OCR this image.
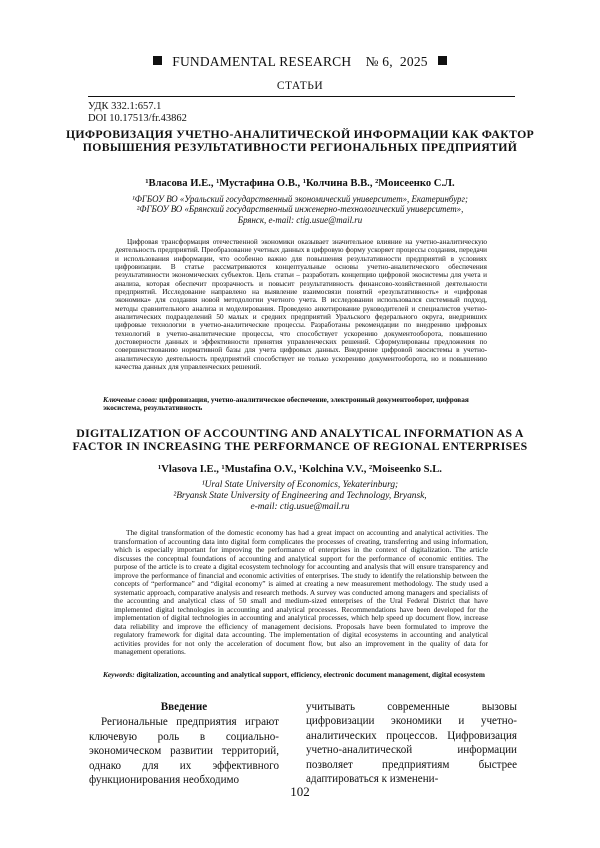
FUNDAMENTAL RESEARCH    № 6,  2025
СТАТЬИ
УДК 332.1:657.1
DOI 10.17513/fr.43862
ЦИФРОВИЗАЦИЯ УЧЕТНО-АНАЛИТИЧЕСКОЙ ИНФОРМАЦИИ КАК ФАКТОР ПОВЫШЕНИЯ РЕЗУЛЬТАТИВНОСТИ РЕГИОНАЛЬНЫХ ПРЕДПРИЯТИЙ
¹Власова И.Е., ¹Мустафина О.В., ¹Колчина В.В., ²Моисеенко С.Л.
¹ФГБОУ ВО «Уральский государственный экономический университет», Екатеринбург;
²ФГБОУ ВО «Брянский государственный инженерно-технологический университет»,
Брянск, e-mail: ctig.usue@mail.ru
Цифровая трансформация отечественной экономики оказывает значительное влияние на учетно-аналитическую деятельность предприятий. Преобразование учетных данных в цифровую форму ускоряет процессы создания, передачи и использования информации, что особенно важно для повышения результативности предприятий в условиях цифровизации. В статье рассматриваются концептуальные основы учетно-аналитического обеспечения результативности экономических субъектов. Цель статьи – разработать концепцию цифровой экосистемы для учета и анализа, которая обеспечит прозрачность и повысит результативность финансово-хозяйственной деятельности предприятий. Исследование направлено на выявление взаимосвязи понятий «результативность» и «цифровая экономика» для создания новой методологии учетного учета. В исследовании использовался системный подход, методы сравнительного анализа и моделирования. Проведено анкетирование руководителей и специалистов учетно-аналитических подразделений 50 малых и средних предприятий Уральского федерального округа, внедривших цифровые технологии в учетно-аналитические процессы. Разработаны рекомендации по внедрению цифровых технологий в учетно-аналитические процессы, что способствует ускорению документооборота, повышению достоверности данных и эффективности принятия управленческих решений. Сформулированы предложения по совершенствованию нормативной базы для учета цифровых данных. Внедрение цифровой экосистемы в учетно-аналитическую деятельность предприятий способствует не только ускорению документооборота, но и повышению качества данных для управленческих решений.
Ключевые слова: цифровизация, учетно-аналитическое обеспечение, электронный документооборот, цифровая экосистема, результативность
DIGITALIZATION OF ACCOUNTING AND ANALYTICAL INFORMATION AS A FACTOR IN INCREASING THE PERFORMANCE OF REGIONAL ENTERPRISES
¹Vlasova I.E., ¹Mustafina O.V., ¹Kolchina V.V., ²Moiseenko S.L.
¹Ural State University of Economics, Yekaterinburg;
²Bryansk State University of Engineering and Technology, Bryansk,
e-mail: ctig.usue@mail.ru
The digital transformation of the domestic economy has had a great impact on accounting and analytical activities. The transformation of accounting data into digital form complicates the processes of creating, transferring and using information, which is especially important for improving the performance of enterprises in the context of digitalization. The article discusses the conceptual foundations of accounting and analytical support for the performance of economic entities. The purpose of the article is to create a digital ecosystem technology for accounting and analysis that will ensure transparency and improve the performance of financial and economic activities of enterprises. The study to identify the relationship between the concepts of “performance” and “digital economy” is aimed at creating a new measurement methodology. The study used a systematic approach, comparative analysis and research methods. A survey was conducted among managers and specialists of the accounting and analytical class of 50 small and medium-sized enterprises of the Ural Federal District that have implemented digital technologies in accounting and analytical processes. Recommendations have been developed for the implementation of digital technologies in accounting and analytical processes, which help speed up document flow, increase data reliability and improve the efficiency of management decisions. Proposals have been formulated to improve the regulatory framework for digital data accounting. The implementation of digital ecosystems in accounting and analytical activities provides for not only the acceleration of document flow, but also an improvement in the quality of data for management operations.
Keywords: digitalization, accounting and analytical support, efficiency, electronic document management, digital ecosystem
Введение
Региональные предприятия играют ключевую роль в социально-экономическом развитии территорий, однако для их эффективного функционирования необходимо
учитывать современные вызовы цифровизации экономики и учетно-аналитических процессов. Цифровизация учетно-аналитической информации позволяет предприятиям быстрее адаптироваться к изменени-
102
